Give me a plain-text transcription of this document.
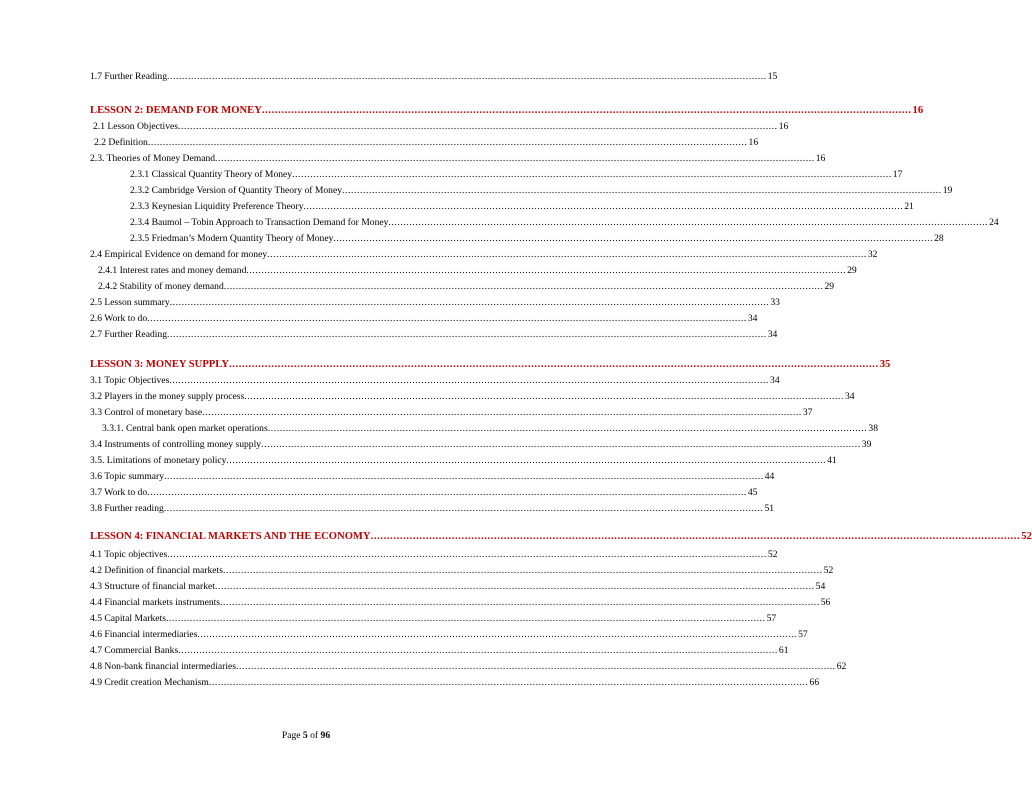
1.7 Further Reading ........................................................................................................................................................................................................ 15
LESSON 2: DEMAND FOR MONEY ........................................................................................................................................................................................................ 16
2.1 Lesson Objectives ........................................................................................................................................................................................................ 16
2.2 Definition ........................................................................................................................................................................................................ 16
2.3. Theories of Money Demand ........................................................................................................................................................................................................ 16
2.3.1 Classical Quantity Theory of Money ........................................................................................................................................................................................................ 17
2.3.2 Cambridge Version of Quantity Theory of Money ........................................................................................................................................................................................................ 19
2.3.3 Keynesian Liquidity Preference Theory ........................................................................................................................................................................................................ 21
2.3.4 Baumol – Tobin Approach to Transaction Demand for Money ........................................................................................................................................................................................................ 24
2.3.5 Friedman’s Modern Quantity Theory of Money ........................................................................................................................................................................................................ 28
2.4 Empirical Evidence on demand for money ........................................................................................................................................................................................................ 32
2.4.1 Interest rates and money demand ........................................................................................................................................................................................................ 29
2.4.2 Stability of money demand ........................................................................................................................................................................................................ 29
2.5 Lesson summary ........................................................................................................................................................................................................ 33
2.6 Work to do ........................................................................................................................................................................................................ 34
2.7 Further Reading ........................................................................................................................................................................................................ 34
LESSON 3: MONEY SUPPLY ........................................................................................................................................................................................................ 35
3.1 Topic Objectives ........................................................................................................................................................................................................ 34
3.2 Players in the money supply process ........................................................................................................................................................................................................ 34
3.3 Control of monetary base ........................................................................................................................................................................................................ 37
3.3.1. Central bank open market operations ........................................................................................................................................................................................................ 38
3.4 Instruments of controlling money supply ........................................................................................................................................................................................................ 39
3.5. Limitations of monetary policy ........................................................................................................................................................................................................ 41
3.6 Topic summary ........................................................................................................................................................................................................ 44
3.7 Work to do ........................................................................................................................................................................................................ 45
3.8 Further reading ........................................................................................................................................................................................................ 51
LESSON 4: FINANCIAL MARKETS AND THE ECONOMY ........................................................................................................................................................................................................ 52
4.1 Topic objectives ........................................................................................................................................................................................................ 52
4.2 Definition of financial markets ........................................................................................................................................................................................................ 52
4.3 Structure of financial market ........................................................................................................................................................................................................ 54
4.4 Financial markets instruments ........................................................................................................................................................................................................ 56
4.5 Capital Markets ........................................................................................................................................................................................................ 57
4.6 Financial intermediaries ........................................................................................................................................................................................................ 57
4.7 Commercial Banks ........................................................................................................................................................................................................ 61
4.8 Non-bank financial intermediaries ........................................................................................................................................................................................................ 62
4.9 Credit creation Mechanism ........................................................................................................................................................................................................ 66
Page 5 of 96
